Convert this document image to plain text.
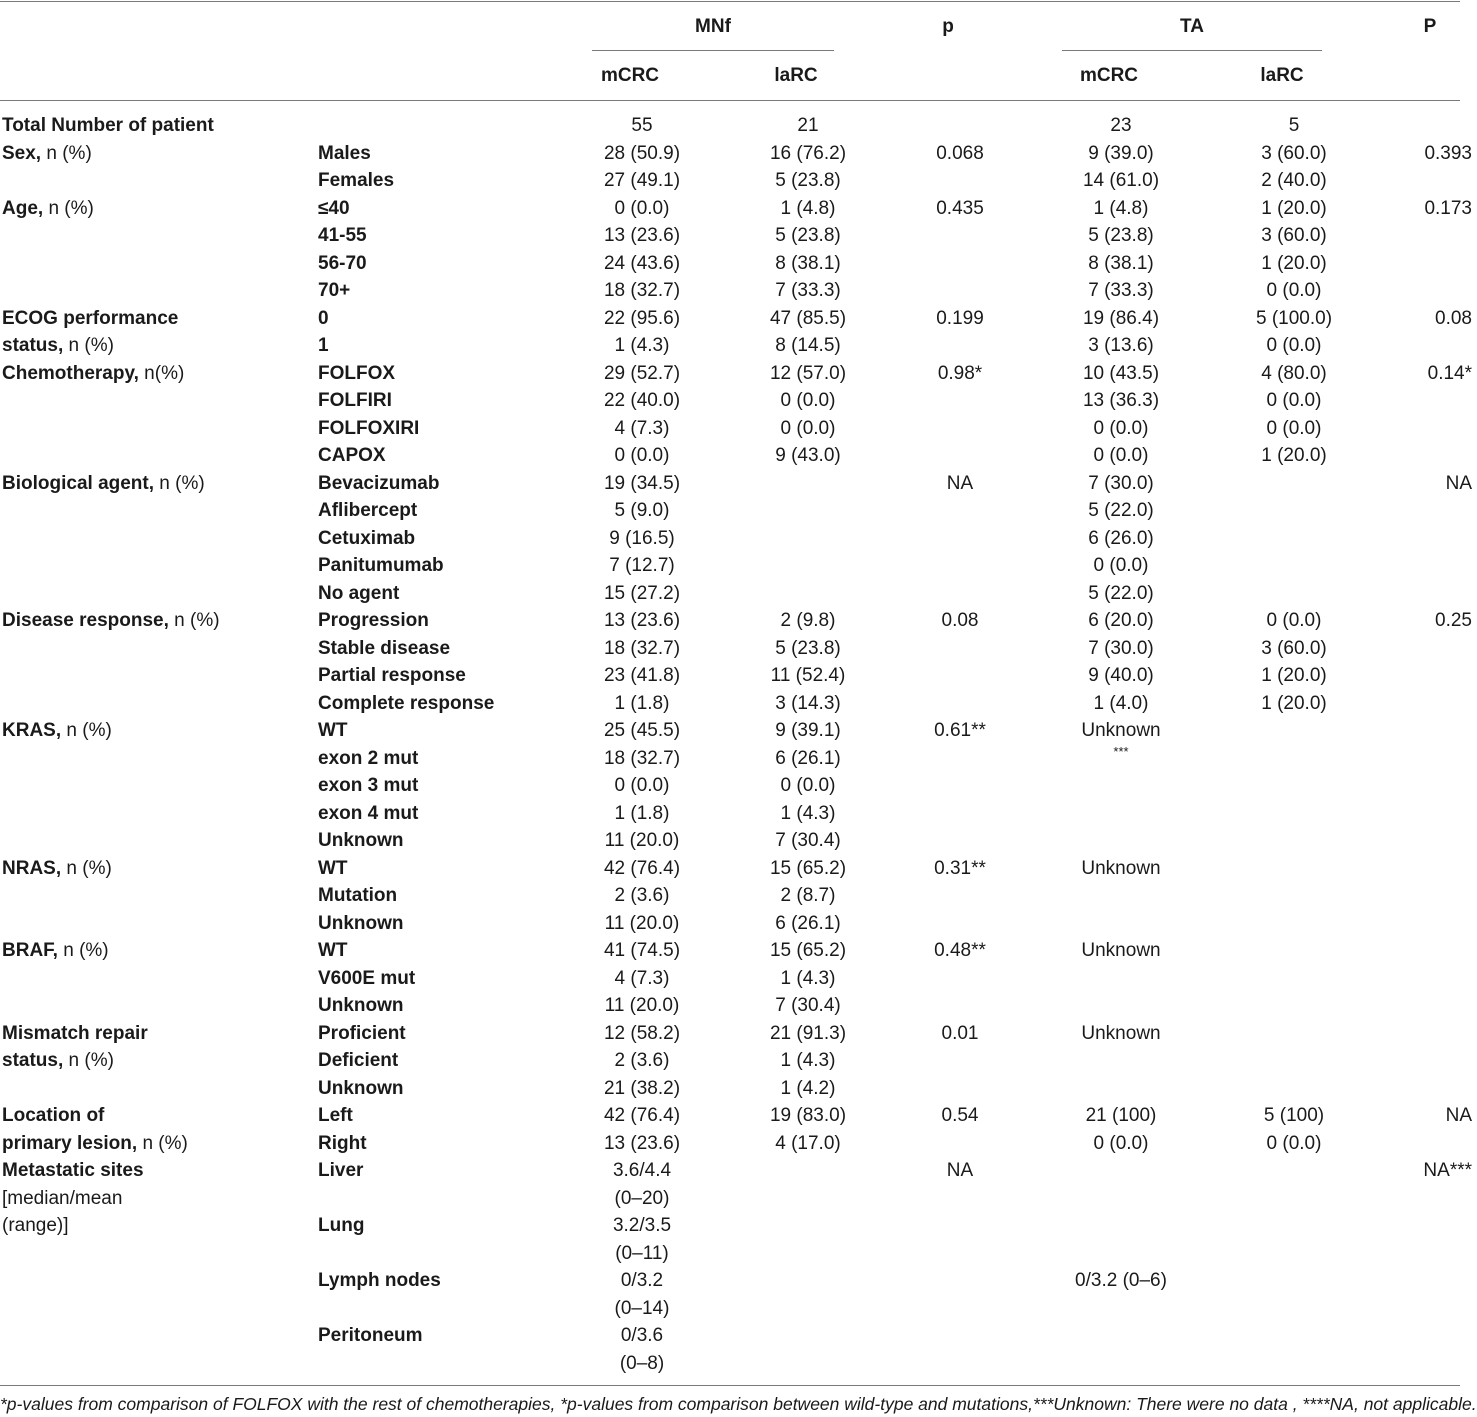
MNf	p	TA	P
mCRC	laRC	mCRC	laRC
Total Number of patient		55	21		23	5	
Sex, n (%)	Males	28 (50.9)	16 (76.2)	0.068	9 (39.0)	3 (60.0)	0.393
	Females	27 (49.1)	5 (23.8)		14 (61.0)	2 (40.0)	
Age, n (%)	≤40	0 (0.0)	1 (4.8)	0.435	1 (4.8)	1 (20.0)	0.173
	41-55	13 (23.6)	5 (23.8)		5 (23.8)	3 (60.0)	
	56-70	24 (43.6)	8 (38.1)		8 (38.1)	1 (20.0)	
	70+	18 (32.7)	7 (33.3)		7 (33.3)	0 (0.0)	
ECOG performance	0	22 (95.6)	47 (85.5)	0.199	19 (86.4)	5 (100.0)	0.08
status, n (%)	1	1 (4.3)	8 (14.5)		3 (13.6)	0 (0.0)	
Chemotherapy, n(%)	FOLFOX	29 (52.7)	12 (57.0)	0.98*	10 (43.5)	4 (80.0)	0.14*
	FOLFIRI	22 (40.0)	0 (0.0)		13 (36.3)	0 (0.0)	
	FOLFOXIRI	4 (7.3)	0 (0.0)		0 (0.0)	0 (0.0)	
	CAPOX	0 (0.0)	9 (43.0)		0 (0.0)	1 (20.0)	
Biological agent, n (%)	Bevacizumab	19 (34.5)		NA	7 (30.0)		NA
	Aflibercept	5 (9.0)			5 (22.0)		
	Cetuximab	9 (16.5)			6 (26.0)		
	Panitumumab	7 (12.7)			0 (0.0)		
	No agent	15 (27.2)			5 (22.0)		
Disease response, n (%)	Progression	13 (23.6)	2 (9.8)	0.08	6 (20.0)	0 (0.0)	0.25
	Stable disease	18 (32.7)	5 (23.8)		7 (30.0)	3 (60.0)	
	Partial response	23 (41.8)	11 (52.4)		9 (40.0)	1 (20.0)	
	Complete response	1 (1.8)	3 (14.3)		1 (4.0)	1 (20.0)	
KRAS, n (%)	WT	25 (45.5)	9 (39.1)	0.61**	Unknown		
	exon 2 mut	18 (32.7)	6 (26.1)		***		
	exon 3 mut	0 (0.0)	0 (0.0)				
	exon 4 mut	1 (1.8)	1 (4.3)				
	Unknown	11 (20.0)	7 (30.4)				
NRAS, n (%)	WT	42 (76.4)	15 (65.2)	0.31**	Unknown		
	Mutation	2 (3.6)	2 (8.7)				
	Unknown	11 (20.0)	6 (26.1)				
BRAF, n (%)	WT	41 (74.5)	15 (65.2)	0.48**	Unknown		
	V600E mut	4 (7.3)	1 (4.3)				
	Unknown	11 (20.0)	7 (30.4)				
Mismatch repair	Proficient	12 (58.2)	21 (91.3)	0.01	Unknown		
status, n (%)	Deficient	2 (3.6)	1 (4.3)				
	Unknown	21 (38.2)	1 (4.2)				
Location of	Left	42 (76.4)	19 (83.0)	0.54	21 (100)	5 (100)	NA
primary lesion, n (%)	Right	13 (23.6)	4 (17.0)		0 (0.0)	0 (0.0)	
Metastatic sites	Liver	3.6/4.4		NA			NA***
[median/mean		(0–20)					
(range)]	Lung	3.2/3.5					
		(0–11)					
	Lymph nodes	0/3.2			0/3.2 (0–6)		
		(0–14)					
	Peritoneum	0/3.6					
		(0–8)					
*p-values from comparison of FOLFOX with the rest of chemotherapies, *p-values from comparison between wild-type and mutations,***Unknown: There were no data , ****NA, not applicable.
